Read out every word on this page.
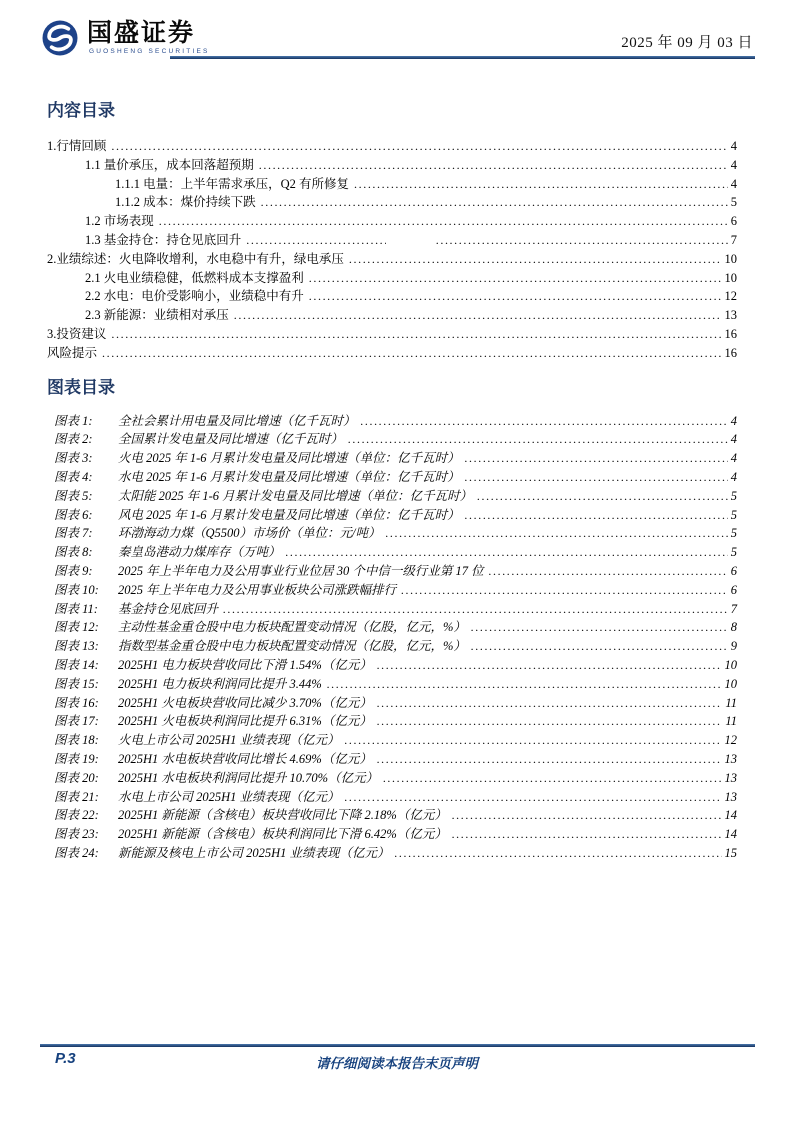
国盛证券
GUOSHENG SECURITIES
2025 年 09 月 03 日
内容目录
1.行情回顾 .....	4
1.1 量价承压，成本回落超预期 .....	4
1.1.1 电量：上半年需求承压，Q2 有所修复 .....	4
1.1.2 成本：煤价持续下跌 .....	5
1.2 市场表现 .....	6
1.3 基金持仓：持仓见底回升 ..... .....	7
2.业绩综述：火电降收增利，水电稳中有升，绿电承压 .....	10
2.1 火电业绩稳健，低燃料成本支撑盈利 .....	10
2.2 水电：电价受影响小，业绩稳中有升 .....	12
2.3 新能源：业绩相对承压 .....	13
3.投资建议 .....	16
风险提示 .....	16
图表目录
图表 1:	全社会累计用电量及同比增速（亿千瓦时） .....	4
图表 2:	全国累计发电量及同比增速（亿千瓦时） .....	4
图表 3:	火电 2025 年 1-6 月累计发电量及同比增速（单位：亿千瓦时） .....	4
图表 4:	水电 2025 年 1-6 月累计发电量及同比增速（单位：亿千瓦时） .....	4
图表 5:	太阳能 2025 年 1-6 月累计发电量及同比增速（单位：亿千瓦时） .....	5
图表 6:	风电 2025 年 1-6 月累计发电量及同比增速（单位：亿千瓦时） .....	5
图表 7:	环渤海动力煤（Q5500）市场价（单位：元/吨） .....	5
图表 8:	秦皇岛港动力煤库存（万吨） .....	5
图表 9:	2025 年上半年电力及公用事业行业位居 30 个中信一级行业第 17 位 .....	6
图表 10:	2025 年上半年电力及公用事业板块公司涨跌幅排行 .....	6
图表 11:	基金持仓见底回升 .....	7
图表 12:	主动性基金重仓股中电力板块配置变动情况（亿股，亿元，%） .....	8
图表 13:	指数型基金重仓股中电力板块配置变动情况（亿股，亿元，%） .....	9
图表 14:	2025H1 电力板块营收同比下滑 1.54%（亿元） .....	10
图表 15:	2025H1 电力板块利润同比提升 3.44% .....	10
图表 16:	2025H1 火电板块营收同比减少 3.70%（亿元） .....	11
图表 17:	2025H1 火电板块利润同比提升 6.31%（亿元） .....	11
图表 18:	火电上市公司 2025H1 业绩表现（亿元） .....	12
图表 19:	2025H1 水电板块营收同比增长 4.69%（亿元） .....	13
图表 20:	2025H1 水电板块利润同比提升 10.70%（亿元） .....	13
图表 21:	水电上市公司 2025H1 业绩表现（亿元） .....	13
图表 22:	2025H1 新能源（含核电）板块营收同比下降 2.18%（亿元） .....	14
图表 23:	2025H1 新能源（含核电）板块利润同比下滑 6.42%（亿元） .....	14
图表 24:	新能源及核电上市公司 2025H1 业绩表现（亿元） .....	15
P.3	请仔细阅读本报告末页声明
